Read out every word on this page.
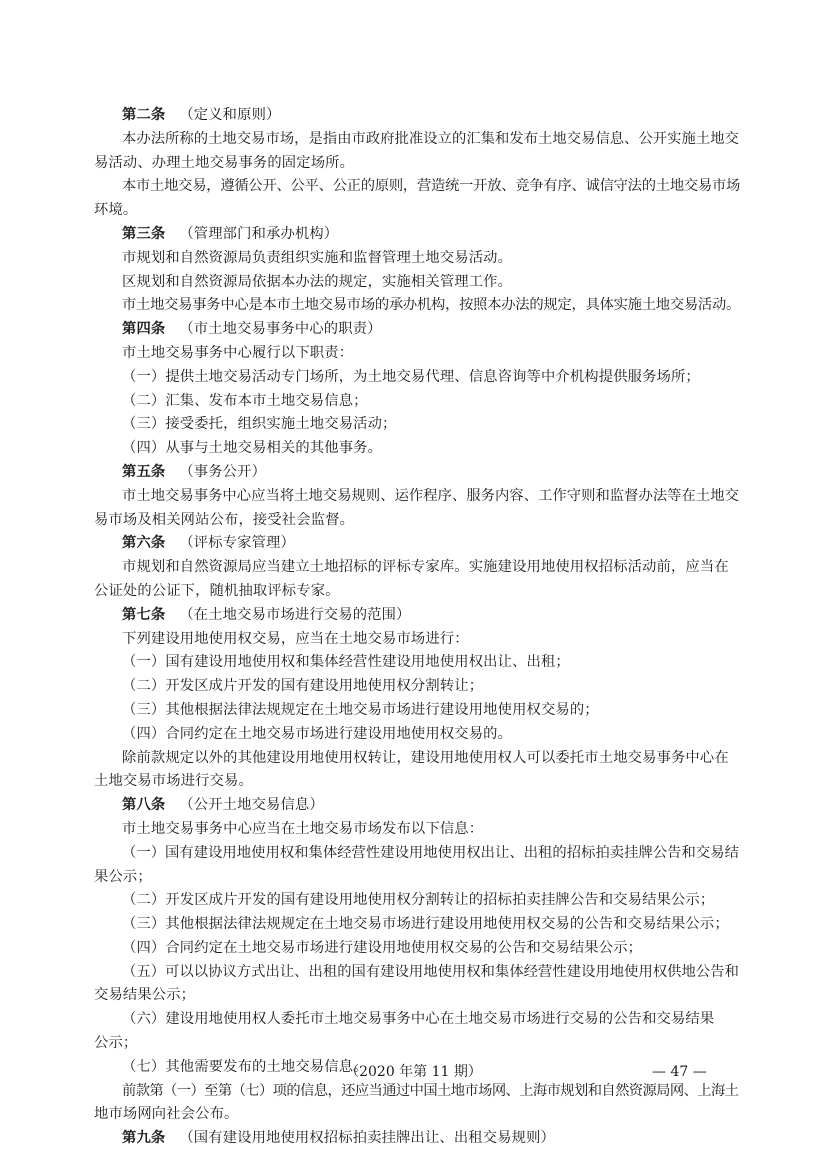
第二条 （定义和原则）
本办法所称的土地交易市场，是指由市政府批准设立的汇集和发布土地交易信息、公开实施土地交
易活动、办理土地交易事务的固定场所。
本市土地交易，遵循公开、公平、公正的原则，营造统一开放、竞争有序、诚信守法的土地交易市场
环境。
第三条 （管理部门和承办机构）
市规划和自然资源局负责组织实施和监督管理土地交易活动。
区规划和自然资源局依据本办法的规定，实施相关管理工作。
市土地交易事务中心是本市土地交易市场的承办机构，按照本办法的规定，具体实施土地交易活动。
第四条 （市土地交易事务中心的职责）
市土地交易事务中心履行以下职责：
（一）提供土地交易活动专门场所，为土地交易代理、信息咨询等中介机构提供服务场所；
（二）汇集、发布本市土地交易信息；
（三）接受委托，组织实施土地交易活动；
（四）从事与土地交易相关的其他事务。
第五条 （事务公开）
市土地交易事务中心应当将土地交易规则、运作程序、服务内容、工作守则和监督办法等在土地交
易市场及相关网站公布，接受社会监督。
第六条 （评标专家管理）
市规划和自然资源局应当建立土地招标的评标专家库。实施建设用地使用权招标活动前，应当在
公证处的公证下，随机抽取评标专家。
第七条 （在土地交易市场进行交易的范围）
下列建设用地使用权交易，应当在土地交易市场进行：
（一）国有建设用地使用权和集体经营性建设用地使用权出让、出租；
（二）开发区成片开发的国有建设用地使用权分割转让；
（三）其他根据法律法规规定在土地交易市场进行建设用地使用权交易的；
（四）合同约定在土地交易市场进行建设用地使用权交易的。
除前款规定以外的其他建设用地使用权转让，建设用地使用权人可以委托市土地交易事务中心在
土地交易市场进行交易。
第八条 （公开土地交易信息）
市土地交易事务中心应当在土地交易市场发布以下信息：
（一）国有建设用地使用权和集体经营性建设用地使用权出让、出租的招标拍卖挂牌公告和交易结
果公示；
（二）开发区成片开发的国有建设用地使用权分割转让的招标拍卖挂牌公告和交易结果公示；
（三）其他根据法律法规规定在土地交易市场进行建设用地使用权交易的公告和交易结果公示；
（四）合同约定在土地交易市场进行建设用地使用权交易的公告和交易结果公示；
（五）可以以协议方式出让、出租的国有建设用地使用权和集体经营性建设用地使用权供地公告和
交易结果公示；
（六）建设用地使用权人委托市土地交易事务中心在土地交易市场进行交易的公告和交易结果
公示；
（七）其他需要发布的土地交易信息。
前款第（一）至第（七）项的信息，还应当通过中国土地市场网、上海市规划和自然资源局网、上海土
地市场网向社会公布。
第九条 （国有建设用地使用权招标拍卖挂牌出让、出租交易规则）
（2020 年第 11 期）	— 47 —
